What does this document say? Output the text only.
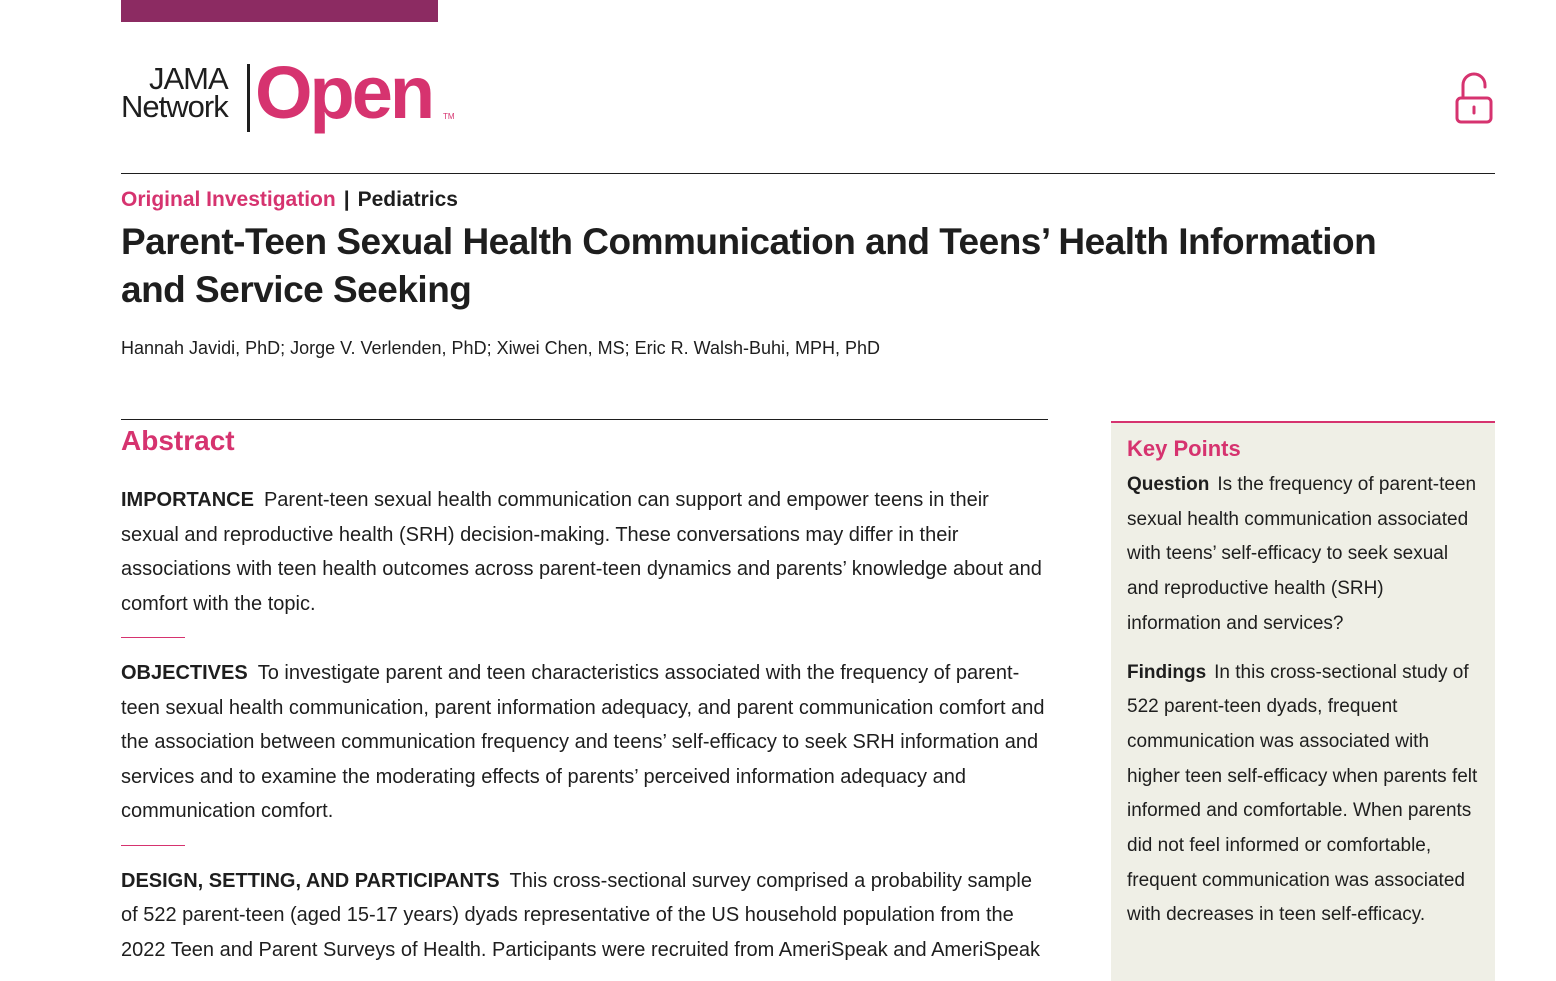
JAMA
Network Open TM
Original Investigation | Pediatrics
Parent-Teen Sexual Health Communication and Teens’ Health Information and Service Seeking
Hannah Javidi, PhD; Jorge V. Verlenden, PhD; Xiwei Chen, MS; Eric R. Walsh-Buhi, MPH, PhD
Abstract

IMPORTANCE Parent-teen sexual health communication can support and empower teens in their sexual and reproductive health (SRH) decision-making. These conversations may differ in their associations with teen health outcomes across parent-teen dynamics and parents’ knowledge about and comfort with the topic.

OBJECTIVES To investigate parent and teen characteristics associated with the frequency of parent-teen sexual health communication, parent information adequacy, and parent communication comfort and the association between communication frequency and teens’ self-efficacy to seek SRH information and services and to examine the moderating effects of parents’ perceived information adequacy and communication comfort.

DESIGN, SETTING, AND PARTICIPANTS This cross-sectional survey comprised a probability sample of 522 parent-teen (aged 15-17 years) dyads representative of the US household population from the 2022 Teen and Parent Surveys of Health. Participants were recruited from AmeriSpeak and AmeriSpeak

Key Points

Question Is the frequency of parent-teen sexual health communication associated with teens’ self-efficacy to seek sexual and reproductive health (SRH) information and services?

Findings In this cross-sectional study of 522 parent-teen dyads, frequent communication was associated with higher teen self-efficacy when parents felt informed and comfortable. When parents did not feel informed or comfortable, frequent communication was associated with decreases in teen self-efficacy.
